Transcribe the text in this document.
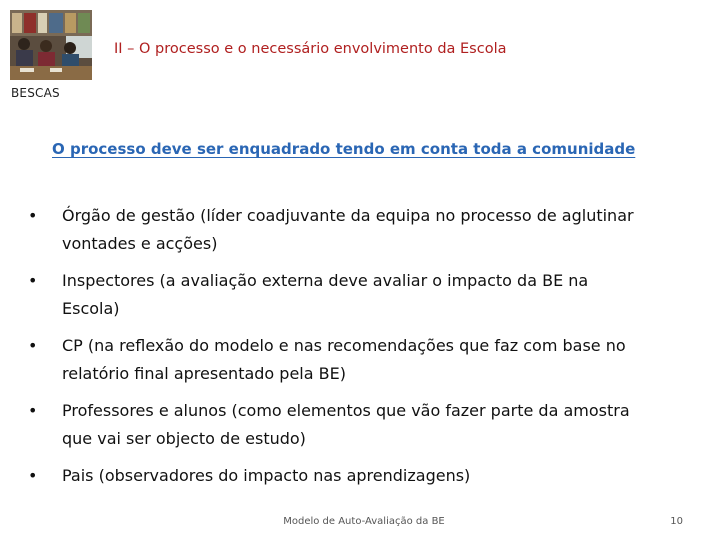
BESCAS
II – O processo e o necessário envolvimento da Escola
O processo deve ser enquadrado tendo em conta toda a comunidade
• Órgão de gestão (líder coadjuvante da equipa no processo de aglutinar
vontades e acções)
• Inspectores (a avaliação externa deve avaliar o impacto da BE na
Escola)
• CP (na reflexão do modelo e nas recomendações que faz com base no
relatório final apresentado pela BE)
• Professores e alunos (como elementos que vão fazer parte da amostra
que vai ser objecto de estudo)
• Pais (observadores do impacto nas aprendizagens)
Modelo de Auto-Avaliação da BE	10
